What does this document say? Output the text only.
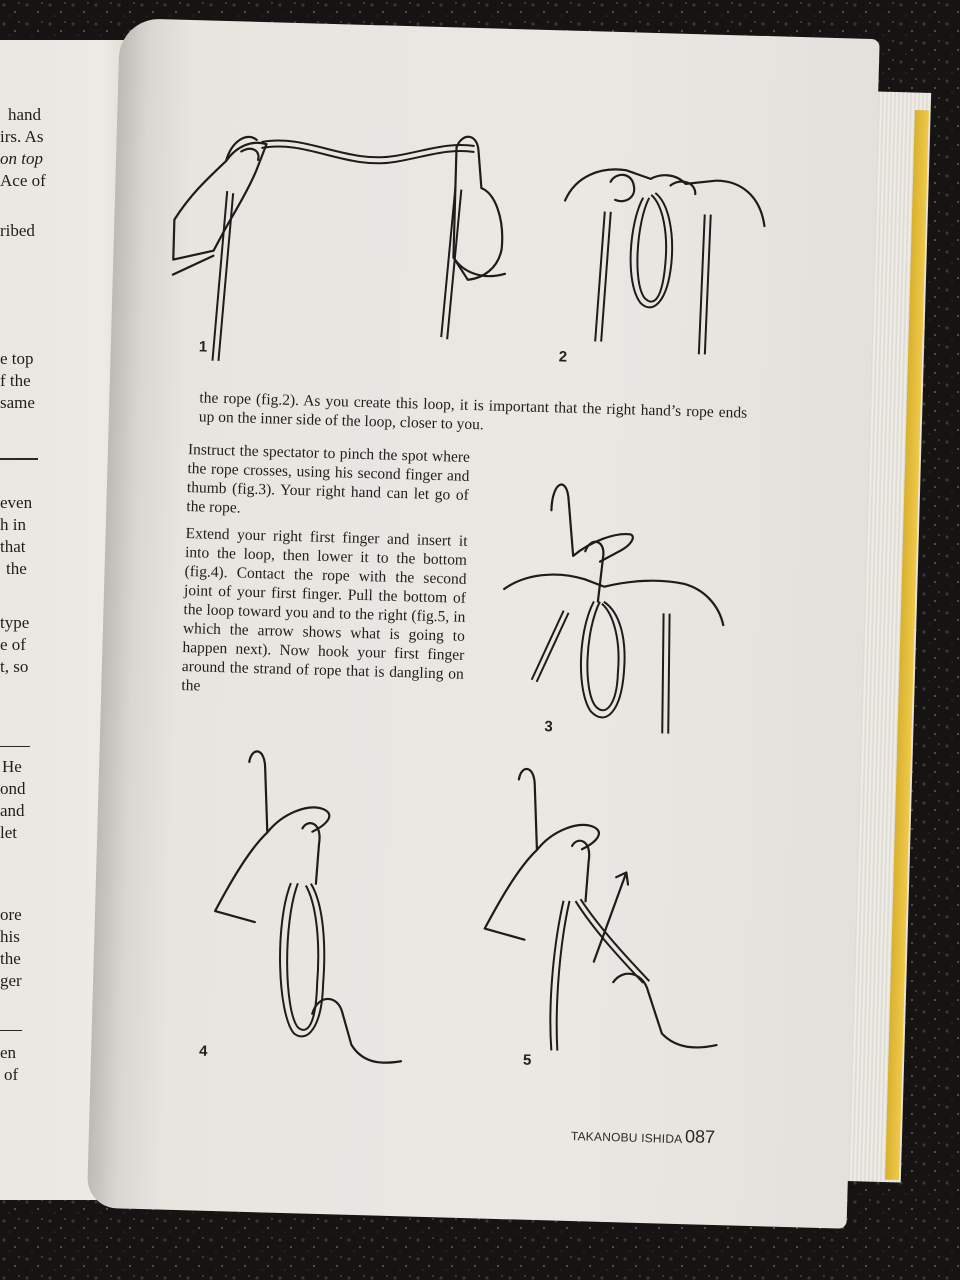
hand
irs. As
on top
Ace of
ribed
e top
f the
same
even
h in
that
the
type
e of
t, so
He
ond
and
let
ore
his
the
ger
en
of
1
2
the rope (fig.2). As you create this loop, it is important that the right hand’s rope ends up on the inner side of the loop, closer to you.

Instruct the spectator to pinch the spot where the rope crosses, using his second finger and thumb (fig.3). Your right hand can let go of the rope.

Extend your right first finger and insert it into the loop, then lower it to the bottom (fig.4). Contact the rope with the second joint of your first finger. Pull the bottom of the loop toward you and to the right (fig.5, in which the arrow shows what is going to happen next). Now hook your first finger around the strand of rope that is dangling on the

3
4
5
TAKANOBU ISHIDA 087
